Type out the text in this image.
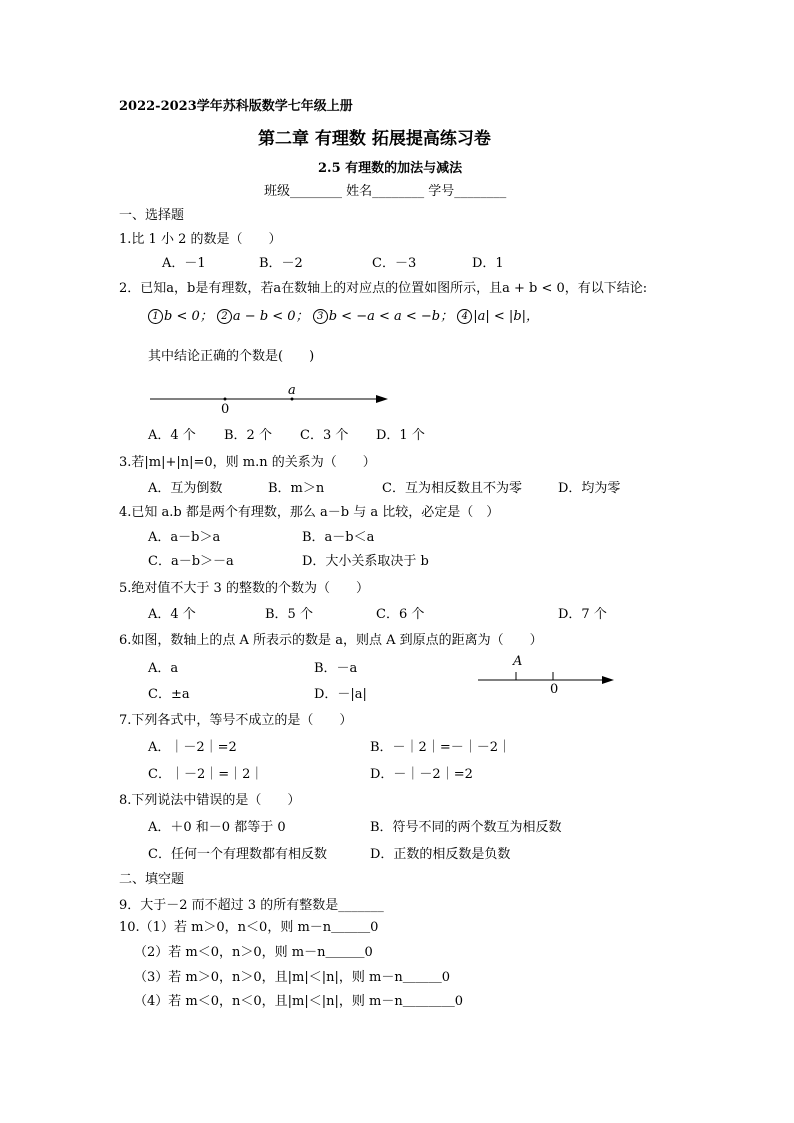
2022-2023学年苏科版数学七年级上册
第二章 有理数 拓展提高练习卷
2.5 有理数的加法与减法
班级________ 姓名________ 学号________
一、选择题
1.比 1 小 2 的数是（　　）
A．－1	B．－2	C．－3	D．1
2．已知a，b是有理数，若a在数轴上的对应点的位置如图所示，且a + b < 0，有以下结论:
1 b < 0； 2 a − b < 0； 3 b < −a < a < −b； 4 |a| < |b|，
其中结论正确的个数是(　　)
0
a
A．4 个 B．2 个 C．3 个 D．1 个
3.若|m|+|n|=0，则 m.n 的关系为（　　）
A．互为倒数	B．m＞n	C．互为相反数且不为零	D．均为零
4.已知 a.b 都是两个有理数，那么 a－b 与 a 比较，必定是（　）
A．a－b＞a	B．a－b＜a
C．a－b＞－a	D．大小关系取决于 b
5.绝对值不大于 3 的整数的个数为（　　）
A．4 个	B．5 个	C．6 个	D．7 个
6.如图，数轴上的点 A 所表示的数是 a，则点 A 到原点的距离为（　　）
A．a	B．－a
C．±a	D．－|a|
A
0
7.下列各式中，等号不成立的是（　　）
A．｜－2｜=2	B．－｜2｜=－｜－2｜
C．｜－2｜=｜2｜	D．－｜－2｜=2
8.下列说法中错误的是（　　）
A．＋0 和－0 都等于 0	B．符号不同的两个数互为相反数
C．任何一个有理数都有相反数	D．正数的相反数是负数
二、填空题
9．大于－2 而不超过 3 的所有整数是_______
10.（1）若 m＞0，n＜0，则 m－n＿＿＿0
（2）若 m＜0，n＞0，则 m－n＿＿＿0
（3）若 m＞0，n＞0，且|m|＜|n|，则 m－n＿＿＿0
（4）若 m＜0，n＜0，且|m|＜|n|，则 m－n＿＿＿＿0
